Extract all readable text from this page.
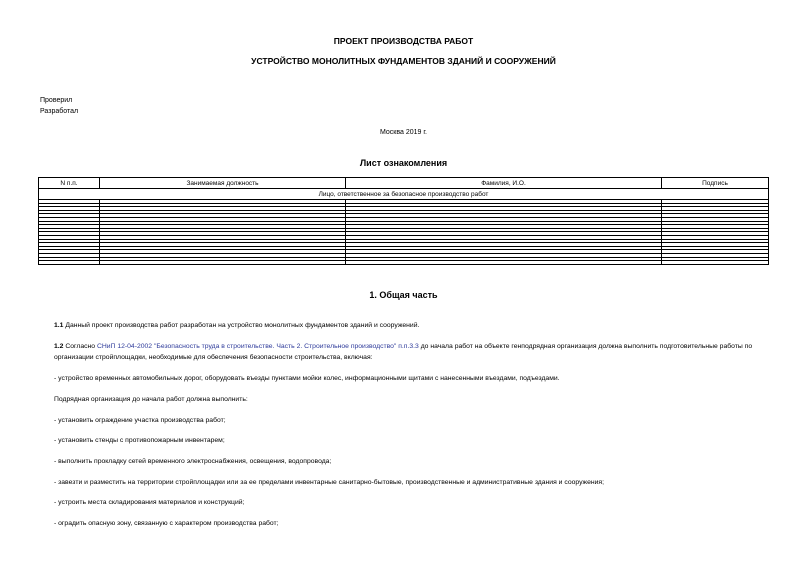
ПРОЕКТ ПРОИЗВОДСТВА РАБОТ
УСТРОЙСТВО МОНОЛИТНЫХ ФУНДАМЕНТОВ ЗДАНИЙ И СООРУЖЕНИЙ
Проверил
Разработал
Москва 2019 г.
Лист ознакомления
N п.п.	Занимаемая должность	Фамилия, И.О.	Подпись
Лицо, ответственное за безопасное производство работ			

1. Общая часть
1.1 Данный проект производства работ разработан на устройство монолитных фундаментов зданий и сооружений.
1.2 Согласно СНиП 12-04-2002 "Безопасность труда в строительстве. Часть 2. Строительное производство" п.п.3.3 до начала работ на объекте генподрядная организация должна выполнить подготовительные работы по организации стройплощадки, необходимые для обеспечения безопасности строительства, включая:
- устройство временных автомобильных дорог, оборудовать въезды пунктами мойки колес, информационными щитами с нанесенными въездами, подъездами.
Подрядная организация до начала работ должна выполнить:
- установить ограждение участка производства работ;
- установить стенды с противопожарным инвентарем;
- выполнить прокладку сетей временного электроснабжения, освещения, водопровода;
- завезти и разместить на территории стройплощадки или за ее пределами инвентарные санитарно-бытовые, производственные и административные здания и сооружения;
- устроить места складирования материалов и конструкций;
- оградить опасную зону, связанную с характером производства работ;
